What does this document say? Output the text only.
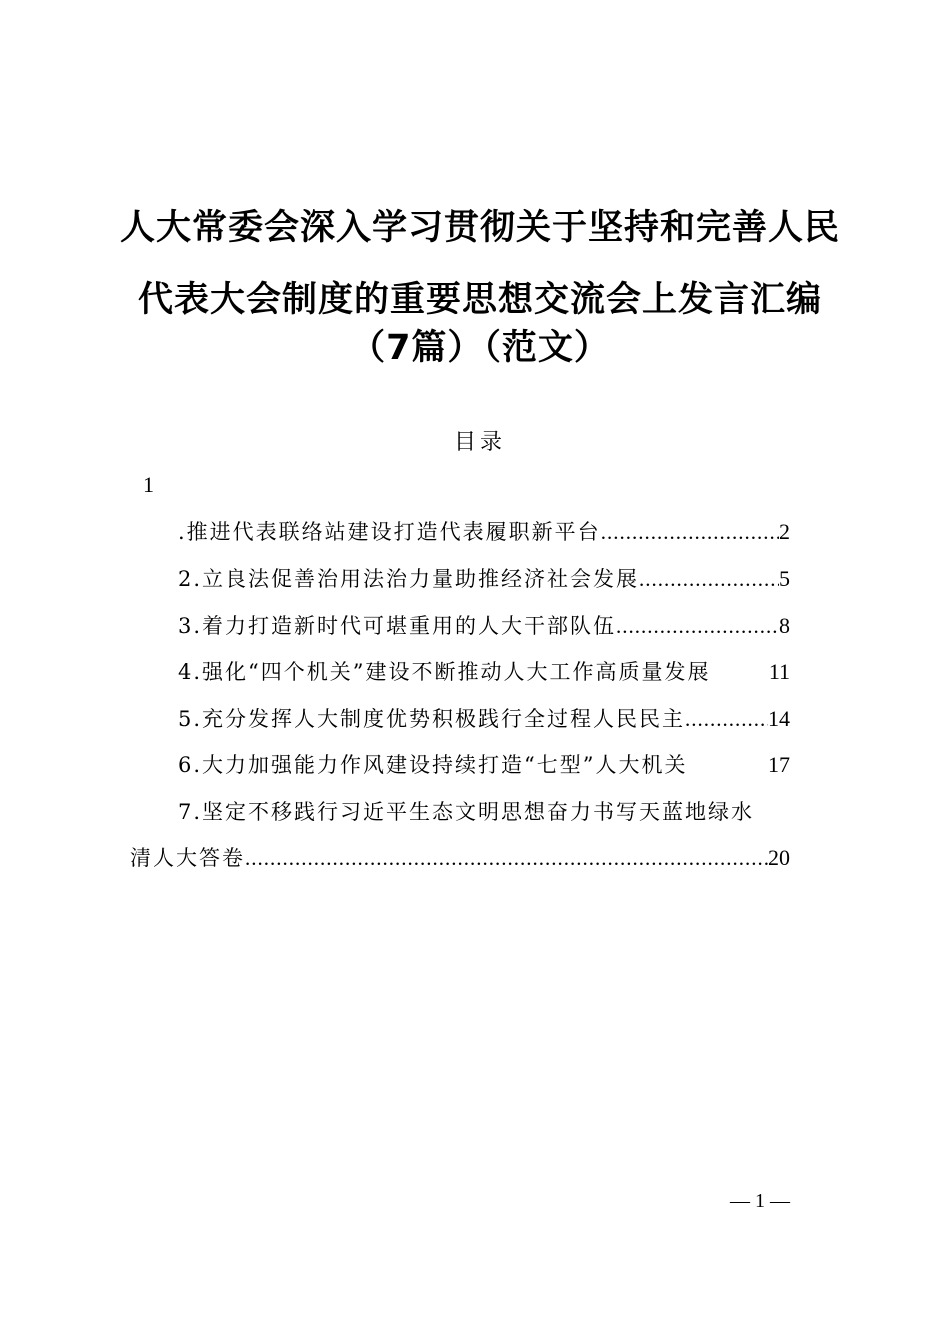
人大常委会深入学习贯彻关于坚持和完善人民
代表大会制度的重要思想交流会上发言汇编
（7篇）（范文）
目录
1
.推进代表联络站建设打造代表履职新平台 .....	2
2.立良法促善治用法治力量助推经济社会发展 .....	5
3.着力打造新时代可堪重用的人大干部队伍 .....	8
4.强化“四个机关”建设不断推动人大工作高质量发展	11
5.充分发挥人大制度优势积极践行全过程人民民主 .....	14
6.大力加强能力作风建设持续打造“七型”人大机关	17
7.坚定不移践行习近平生态文明思想奋力书写天蓝地绿水
清人大答卷 .....	20
— 1 —
